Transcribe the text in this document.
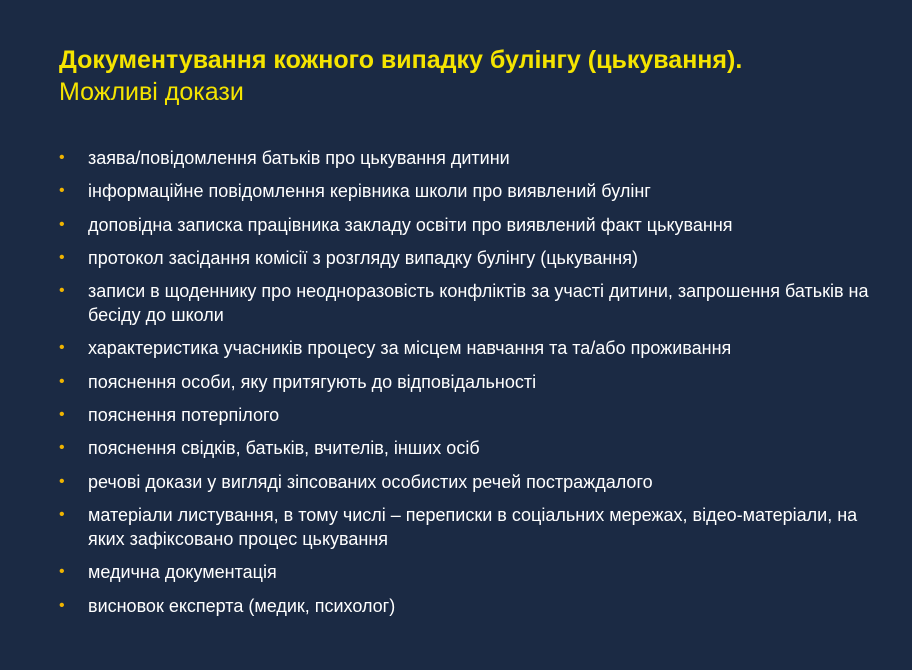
Документування кожного випадку булінгу (цькування).
Можливі докази
• заява/повідомлення батьків про цькування дитини
• інформаційне повідомлення керівника школи про виявлений булінг
• доповідна записка працівника закладу освіти про виявлений факт цькування
• протокол засідання комісії з розгляду випадку булінгу (цькування)
• записи в щоденнику про неодноразовість конфліктів за участі дитини, запрошення батьків на бесіду до школи
• характеристика учасників процесу за місцем навчання та та/або проживання
• пояснення особи, яку притягують до відповідальності
• пояснення потерпілого
• пояснення свідків, батьків, вчителів, інших осіб
• речові докази у вигляді зіпсованих особистих речей постраждалого
• матеріали листування, в тому числі – переписки в соціальних мережах, відео-матеріали, на яких зафіксовано процес цькування
• медична документація
• висновок експерта (медик, психолог)
